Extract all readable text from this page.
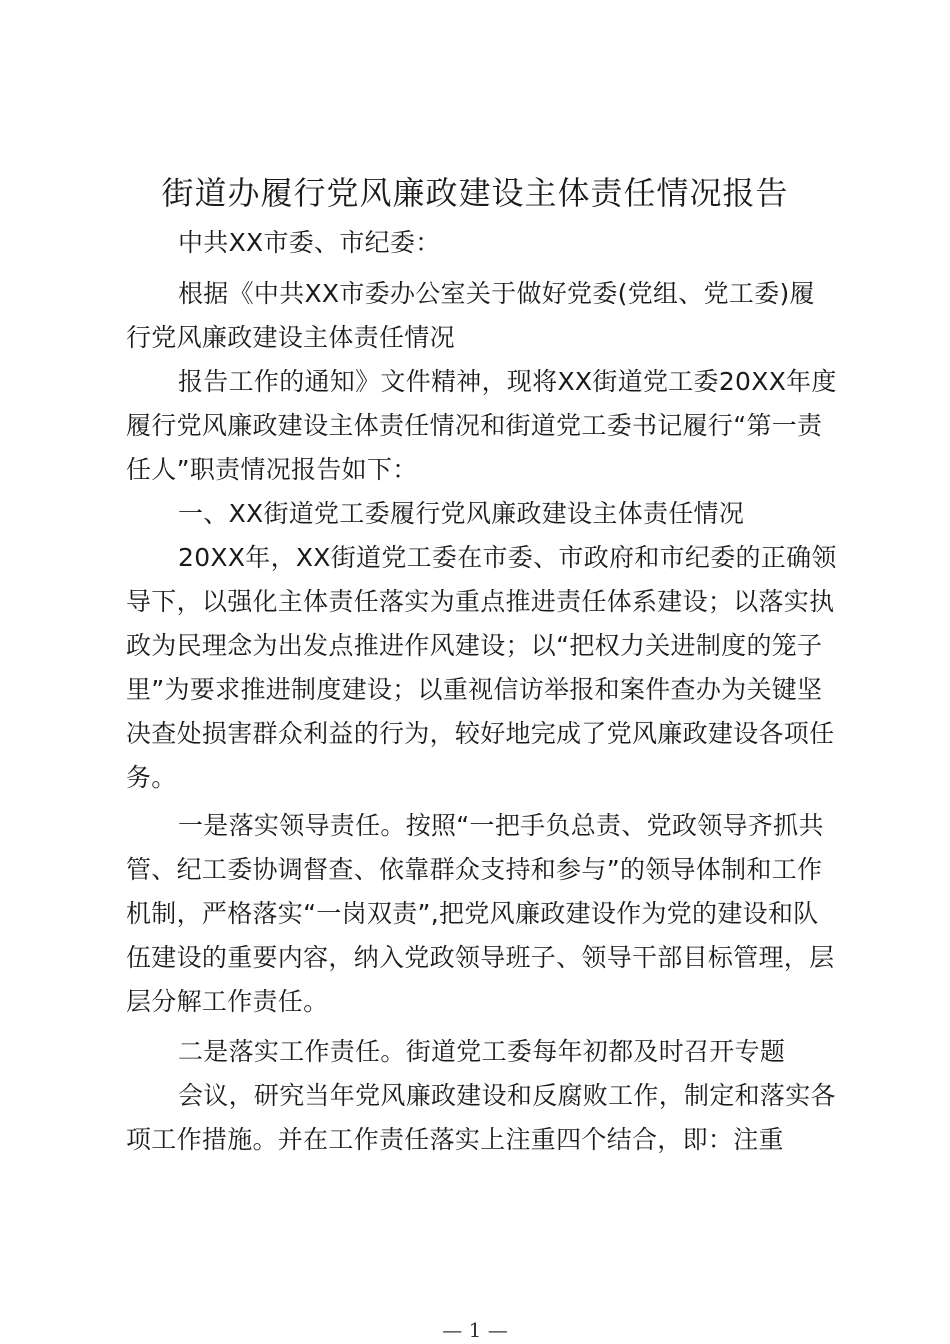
街道办履行党风廉政建设主体责任情况报告

中共XX市委、市纪委：

根据《中共XX市委办公室关于做好党委(党组、党工委)履行党风廉政建设主体责任情况

报告工作的通知》文件精神，现将XX街道党工委20XX年度履行党风廉政建设主体责任情况和街道党工委书记履行“第一责任人”职责情况报告如下：

一、XX街道党工委履行党风廉政建设主体责任情况

20XX年，XX街道党工委在市委、市政府和市纪委的正确领导下，以强化主体责任落实为重点推进责任体系建设；以落实执政为民理念为出发点推进作风建设；以“把权力关进制度的笼子里”为要求推进制度建设；以重视信访举报和案件查办为关键坚决查处损害群众利益的行为，较好地完成了党风廉政建设各项任务。

一是落实领导责任。按照“一把手负总责、党政领导齐抓共管、纪工委协调督查、依靠群众支持和参与”的领导体制和工作机制，严格落实“一岗双责”,把党风廉政建设作为党的建设和队伍建设的重要内容，纳入党政领导班子、领导干部目标管理，层层分解工作责任。

二是落实工作责任。街道党工委每年初都及时召开专题

会议，研究当年党风廉政建设和反腐败工作，制定和落实各项工作措施。并在工作责任落实上注重四个结合，即：注重

— 1 —
